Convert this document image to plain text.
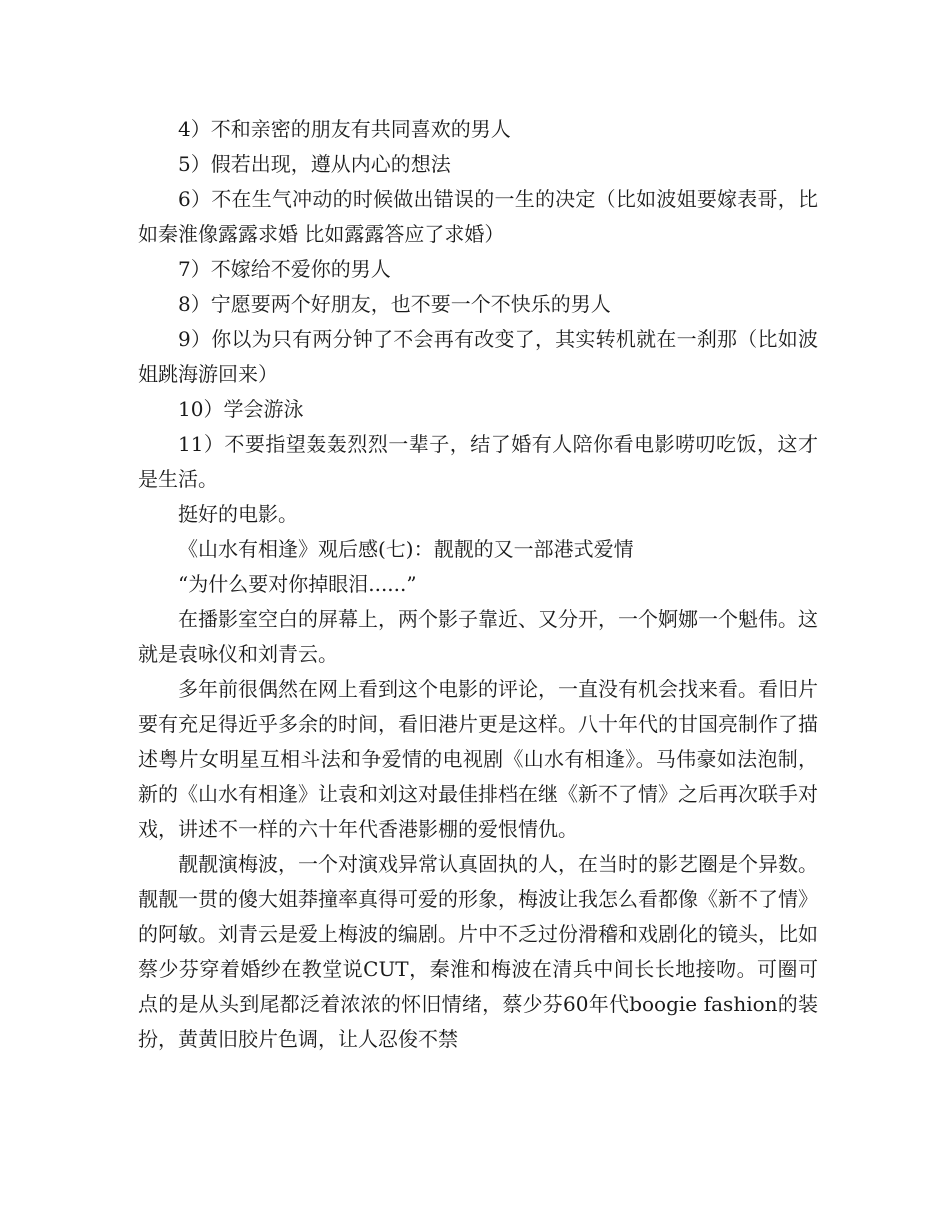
4）不和亲密的朋友有共同喜欢的男人

5）假若出现，遵从内心的想法

6）不在生气冲动的时候做出错误的一生的决定（比如波姐要嫁表哥，比如秦淮像露露求婚 比如露露答应了求婚）

7）不嫁给不爱你的男人

8）宁愿要两个好朋友，也不要一个不快乐的男人

9）你以为只有两分钟了不会再有改变了，其实转机就在一刹那（比如波姐跳海游回来）

10）学会游泳

11）不要指望轰轰烈烈一辈子，结了婚有人陪你看电影唠叨吃饭，这才是生活。

挺好的电影。

《山水有相逢》观后感(七)：靓靓的又一部港式爱情

“为什么要对你掉眼泪......”

在播影室空白的屏幕上，两个影子靠近、又分开，一个婀娜一个魁伟。这就是袁咏仪和刘青云。

多年前很偶然在网上看到这个电影的评论，一直没有机会找来看。看旧片要有充足得近乎多余的时间，看旧港片更是这样。八十年代的甘国亮制作了描述粤片女明星互相斗法和争爱情的电视剧《山水有相逢》。马伟豪如法泡制，新的《山水有相逢》让袁和刘这对最佳排档在继《新不了情》之后再次联手对戏，讲述不一样的六十年代香港影棚的爱恨情仇。

靓靓演梅波，一个对演戏异常认真固执的人，在当时的影艺圈是个异数。靓靓一贯的傻大姐莽撞率真得可爱的形象，梅波让我怎么看都像《新不了情》的阿敏。刘青云是爱上梅波的编剧。片中不乏过份滑稽和戏剧化的镜头，比如蔡少芬穿着婚纱在教堂说CUT，秦淮和梅波在清兵中间长长地接吻。可圈可点的是从头到尾都泛着浓浓的怀旧情绪，蔡少芬60年代boogie fashion的装扮，黄黄旧胶片色调，让人忍俊不禁
